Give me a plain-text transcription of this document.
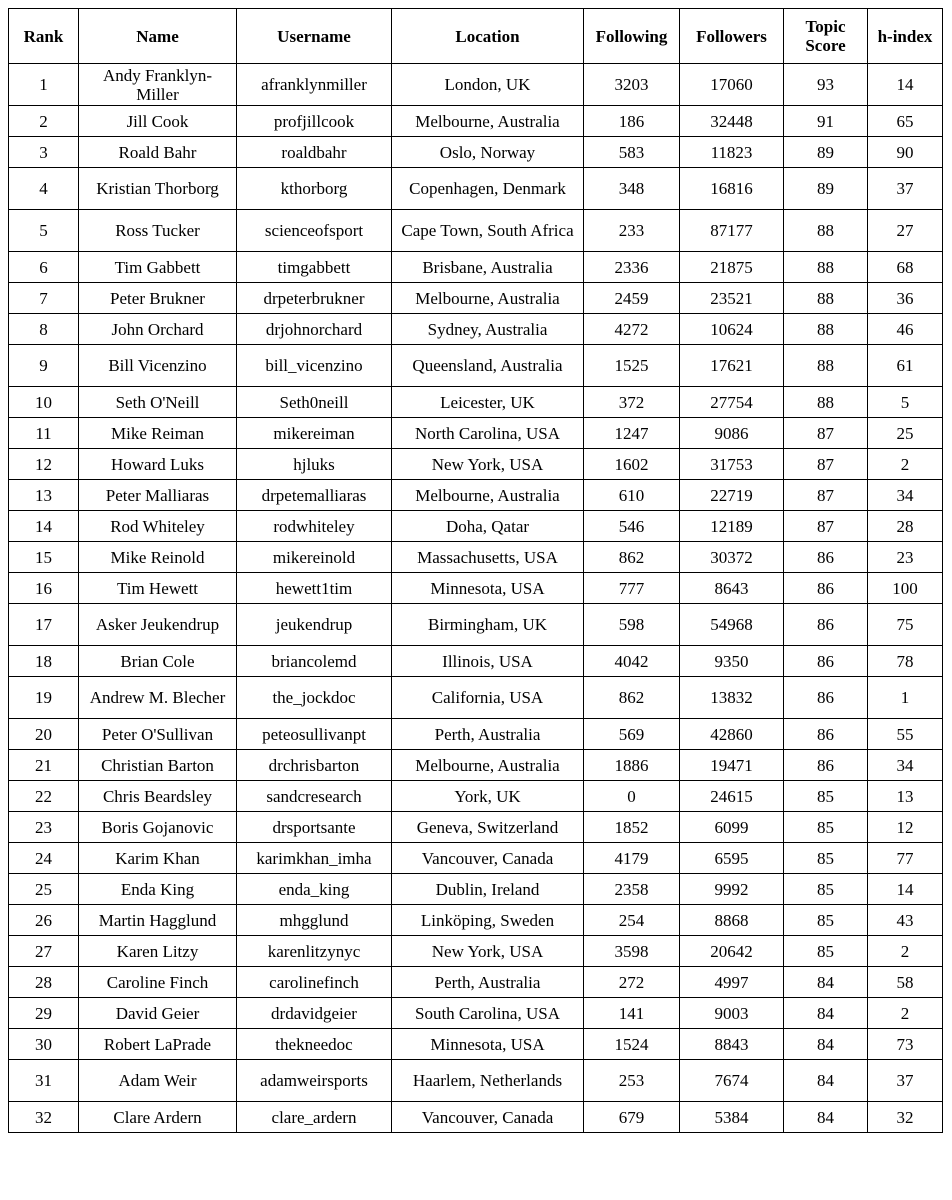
Rank	Name	Username	Location	Following	Followers	Topic Score	h-index
1	Andy Franklyn-Miller	afranklynmiller	London, UK	3203	17060	93	14
2	Jill Cook	profjillcook	Melbourne, Australia	186	32448	91	65
3	Roald Bahr	roaldbahr	Oslo, Norway	583	11823	89	90
4	Kristian Thorborg	kthorborg	Copenhagen, Denmark	348	16816	89	37
5	Ross Tucker	scienceofsport	Cape Town, South Africa	233	87177	88	27
6	Tim Gabbett	timgabbett	Brisbane, Australia	2336	21875	88	68
7	Peter Brukner	drpeterbrukner	Melbourne, Australia	2459	23521	88	36
8	John Orchard	drjohnorchard	Sydney, Australia	4272	10624	88	46
9	Bill Vicenzino	bill_vicenzino	Queensland, Australia	1525	17621	88	61
10	Seth O'Neill	Seth0neill	Leicester, UK	372	27754	88	5
11	Mike Reiman	mikereiman	North Carolina, USA	1247	9086	87	25
12	Howard Luks	hjluks	New York, USA	1602	31753	87	2
13	Peter Malliaras	drpetemalliaras	Melbourne, Australia	610	22719	87	34
14	Rod Whiteley	rodwhiteley	Doha, Qatar	546	12189	87	28
15	Mike Reinold	mikereinold	Massachusetts, USA	862	30372	86	23
16	Tim Hewett	hewett1tim	Minnesota, USA	777	8643	86	100
17	Asker Jeukendrup	jeukendrup	Birmingham, UK	598	54968	86	75
18	Brian Cole	briancolemd	Illinois, USA	4042	9350	86	78
19	Andrew M. Blecher	the_jockdoc	California, USA	862	13832	86	1
20	Peter O'Sullivan	peteosullivanpt	Perth, Australia	569	42860	86	55
21	Christian Barton	drchrisbarton	Melbourne, Australia	1886	19471	86	34
22	Chris Beardsley	sandcresearch	York, UK	0	24615	85	13
23	Boris Gojanovic	drsportsante	Geneva, Switzerland	1852	6099	85	12
24	Karim Khan	karimkhan_imha	Vancouver, Canada	4179	6595	85	77
25	Enda King	enda_king	Dublin, Ireland	2358	9992	85	14
26	Martin Hagglund	mhgglund	Linköping, Sweden	254	8868	85	43
27	Karen Litzy	karenlitzynyc	New York, USA	3598	20642	85	2
28	Caroline Finch	carolinefinch	Perth, Australia	272	4997	84	58
29	David Geier	drdavidgeier	South Carolina, USA	141	9003	84	2
30	Robert LaPrade	thekneedoc	Minnesota, USA	1524	8843	84	73
31	Adam Weir	adamweirsports	Haarlem, Netherlands	253	7674	84	37
32	Clare Ardern	clare_ardern	Vancouver, Canada	679	5384	84	32
